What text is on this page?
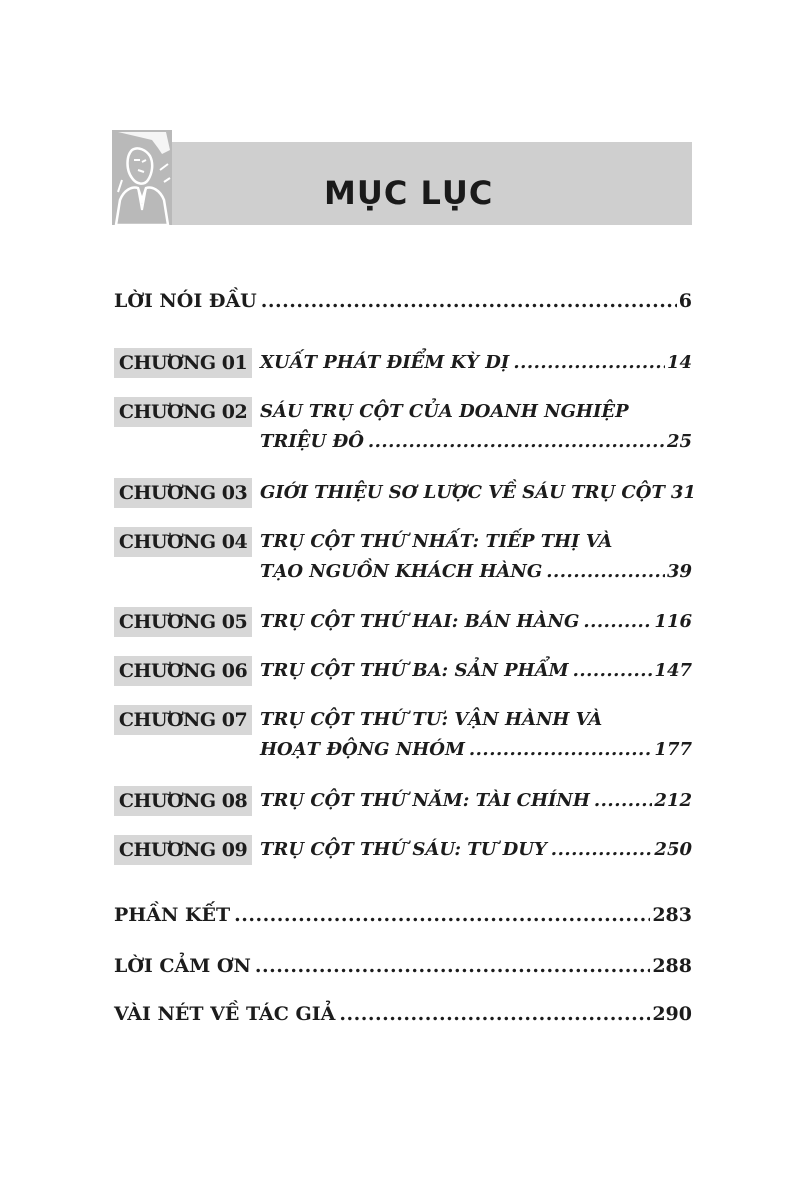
MỤC LỤC
LỜI NÓI ĐẦU .....	6
CHƯƠNG 01 XUẤT PHÁT ĐIỂM KỲ DỊ .....	14
CHƯƠNG 02 SÁU TRỤ CỘT CỦA DOANH NGHIỆP
TRIỆU ĐÔ .....	25
CHƯƠNG 03 GIỚI THIỆU SƠ LƯỢC VỀ SÁU TRỤ CỘT 31
CHƯƠNG 04 TRỤ CỘT THỨ NHẤT: TIẾP THỊ VÀ
TẠO NGUỒN KHÁCH HÀNG .....	39
CHƯƠNG 05 TRỤ CỘT THỨ HAI: BÁN HÀNG .....	116
CHƯƠNG 06 TRỤ CỘT THỨ BA: SẢN PHẨM .....	147
CHƯƠNG 07 TRỤ CỘT THỨ TƯ: VẬN HÀNH VÀ
HOẠT ĐỘNG NHÓM .....	177
CHƯƠNG 08 TRỤ CỘT THỨ NĂM: TÀI CHÍNH .....	212
CHƯƠNG 09 TRỤ CỘT THỨ SÁU: TƯ DUY .....	250
PHẦN KẾT .....	283
LỜI CẢM ƠN .....	288
VÀI NÉT VỀ TÁC GIẢ .....	290
